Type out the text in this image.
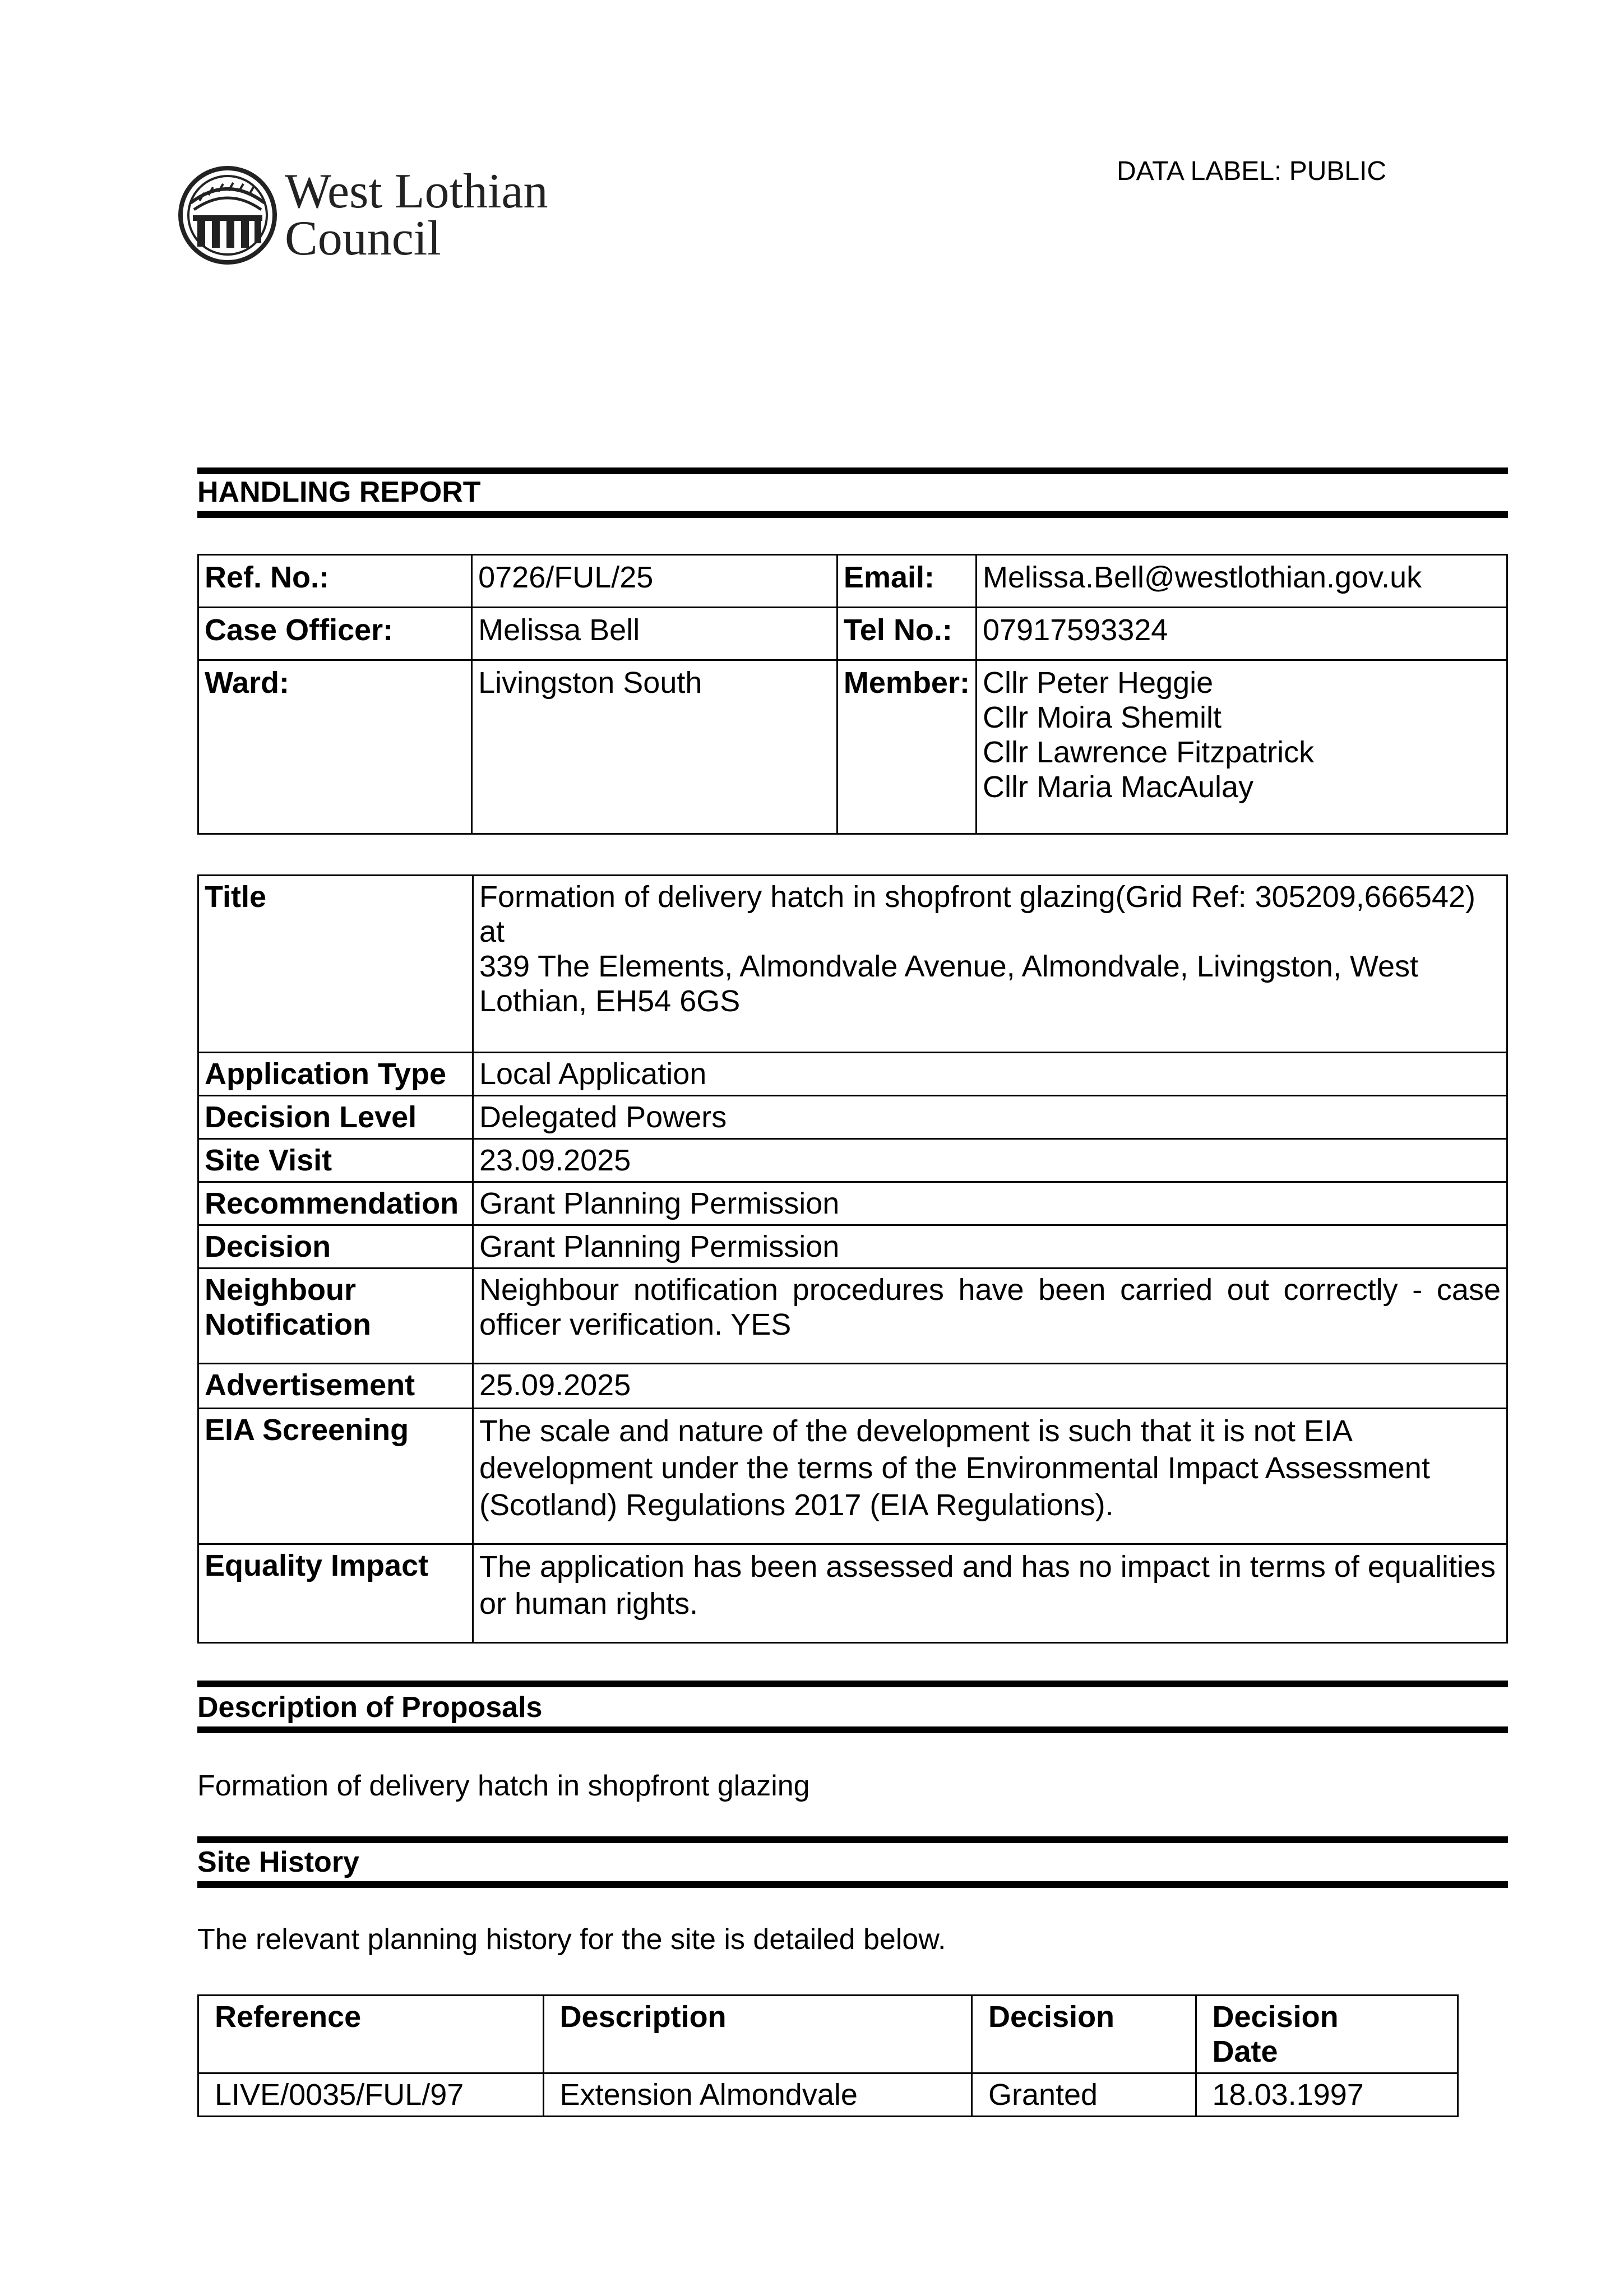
West Lothian
Council
DATA LABEL: PUBLIC
HANDLING REPORT
Ref. No.:	0726/FUL/25	Email:	Melissa.Bell@westlothian.gov.uk
Case Officer:	Melissa Bell	Tel No.:	07917593324
Ward:	Livingston South	Member:	Cllr Peter Heggie
Cllr Moira Shemilt
Cllr Lawrence Fitzpatrick
Cllr Maria MacAulay
Title	Formation of delivery hatch in shopfront glazing(Grid Ref: 305209,666542)
at
339 The Elements, Almondvale Avenue, Almondvale, Livingston, West
Lothian, EH54 6GS

Application Type	Local Application
Decision Level	Delegated Powers
Site Visit	23.09.2025
Recommendation	Grant Planning Permission
Decision	Grant Planning Permission

Neighbour
Notification	Neighbour notification procedures have been carried out correctly - case officer verification. YES
Advertisement	25.09.2025
EIA Screening	The scale and nature of the development is such that it is not EIA development under the terms of the Environmental Impact Assessment (Scotland) Regulations 2017 (EIA Regulations).
Equality Impact	The application has been assessed and has no impact in terms of equalities or human rights.
Description of Proposals
Formation of delivery hatch in shopfront glazing
Site History
The relevant planning history for the site is detailed below.
Reference	Description	Decision	Decision
Date

LIVE/0035/FUL/97	Extension Almondvale	Granted	18.03.1997
